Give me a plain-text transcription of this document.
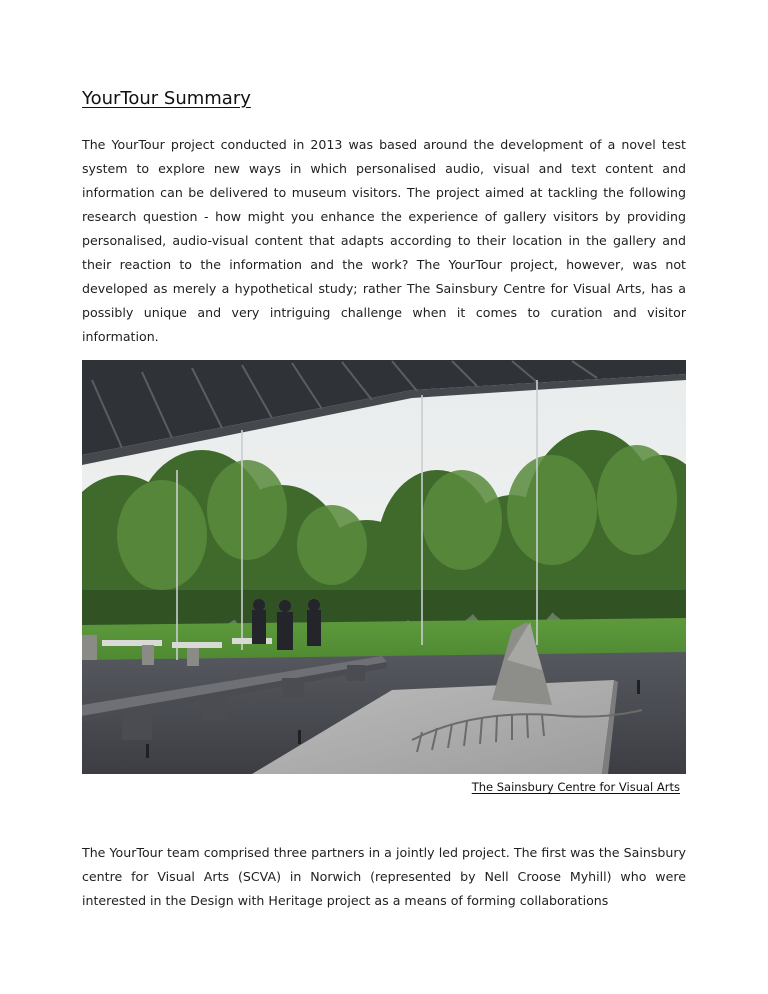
YourTour Summary

The YourTour project conducted in 2013 was based around the development of a novel test system to explore new ways in which personalised audio, visual and text content and information can be delivered to museum visitors. The project aimed at tackling the following research question - how might you enhance the experience of gallery visitors by providing personalised, audio-visual content that adapts according to their location in the gallery and their reaction to the information and the work? The YourTour project, however, was not developed as merely a hypothetical study; rather The Sainsbury Centre for Visual Arts, has a possibly unique and very intriguing challenge when it comes to curation and visitor information.

The Sainsbury Centre for Visual Arts

The YourTour team comprised three partners in a jointly led project. The first was the Sainsbury centre for Visual Arts (SCVA) in Norwich (represented by Nell Croose Myhill) who were interested in the Design with Heritage project as a means of forming collaborations
